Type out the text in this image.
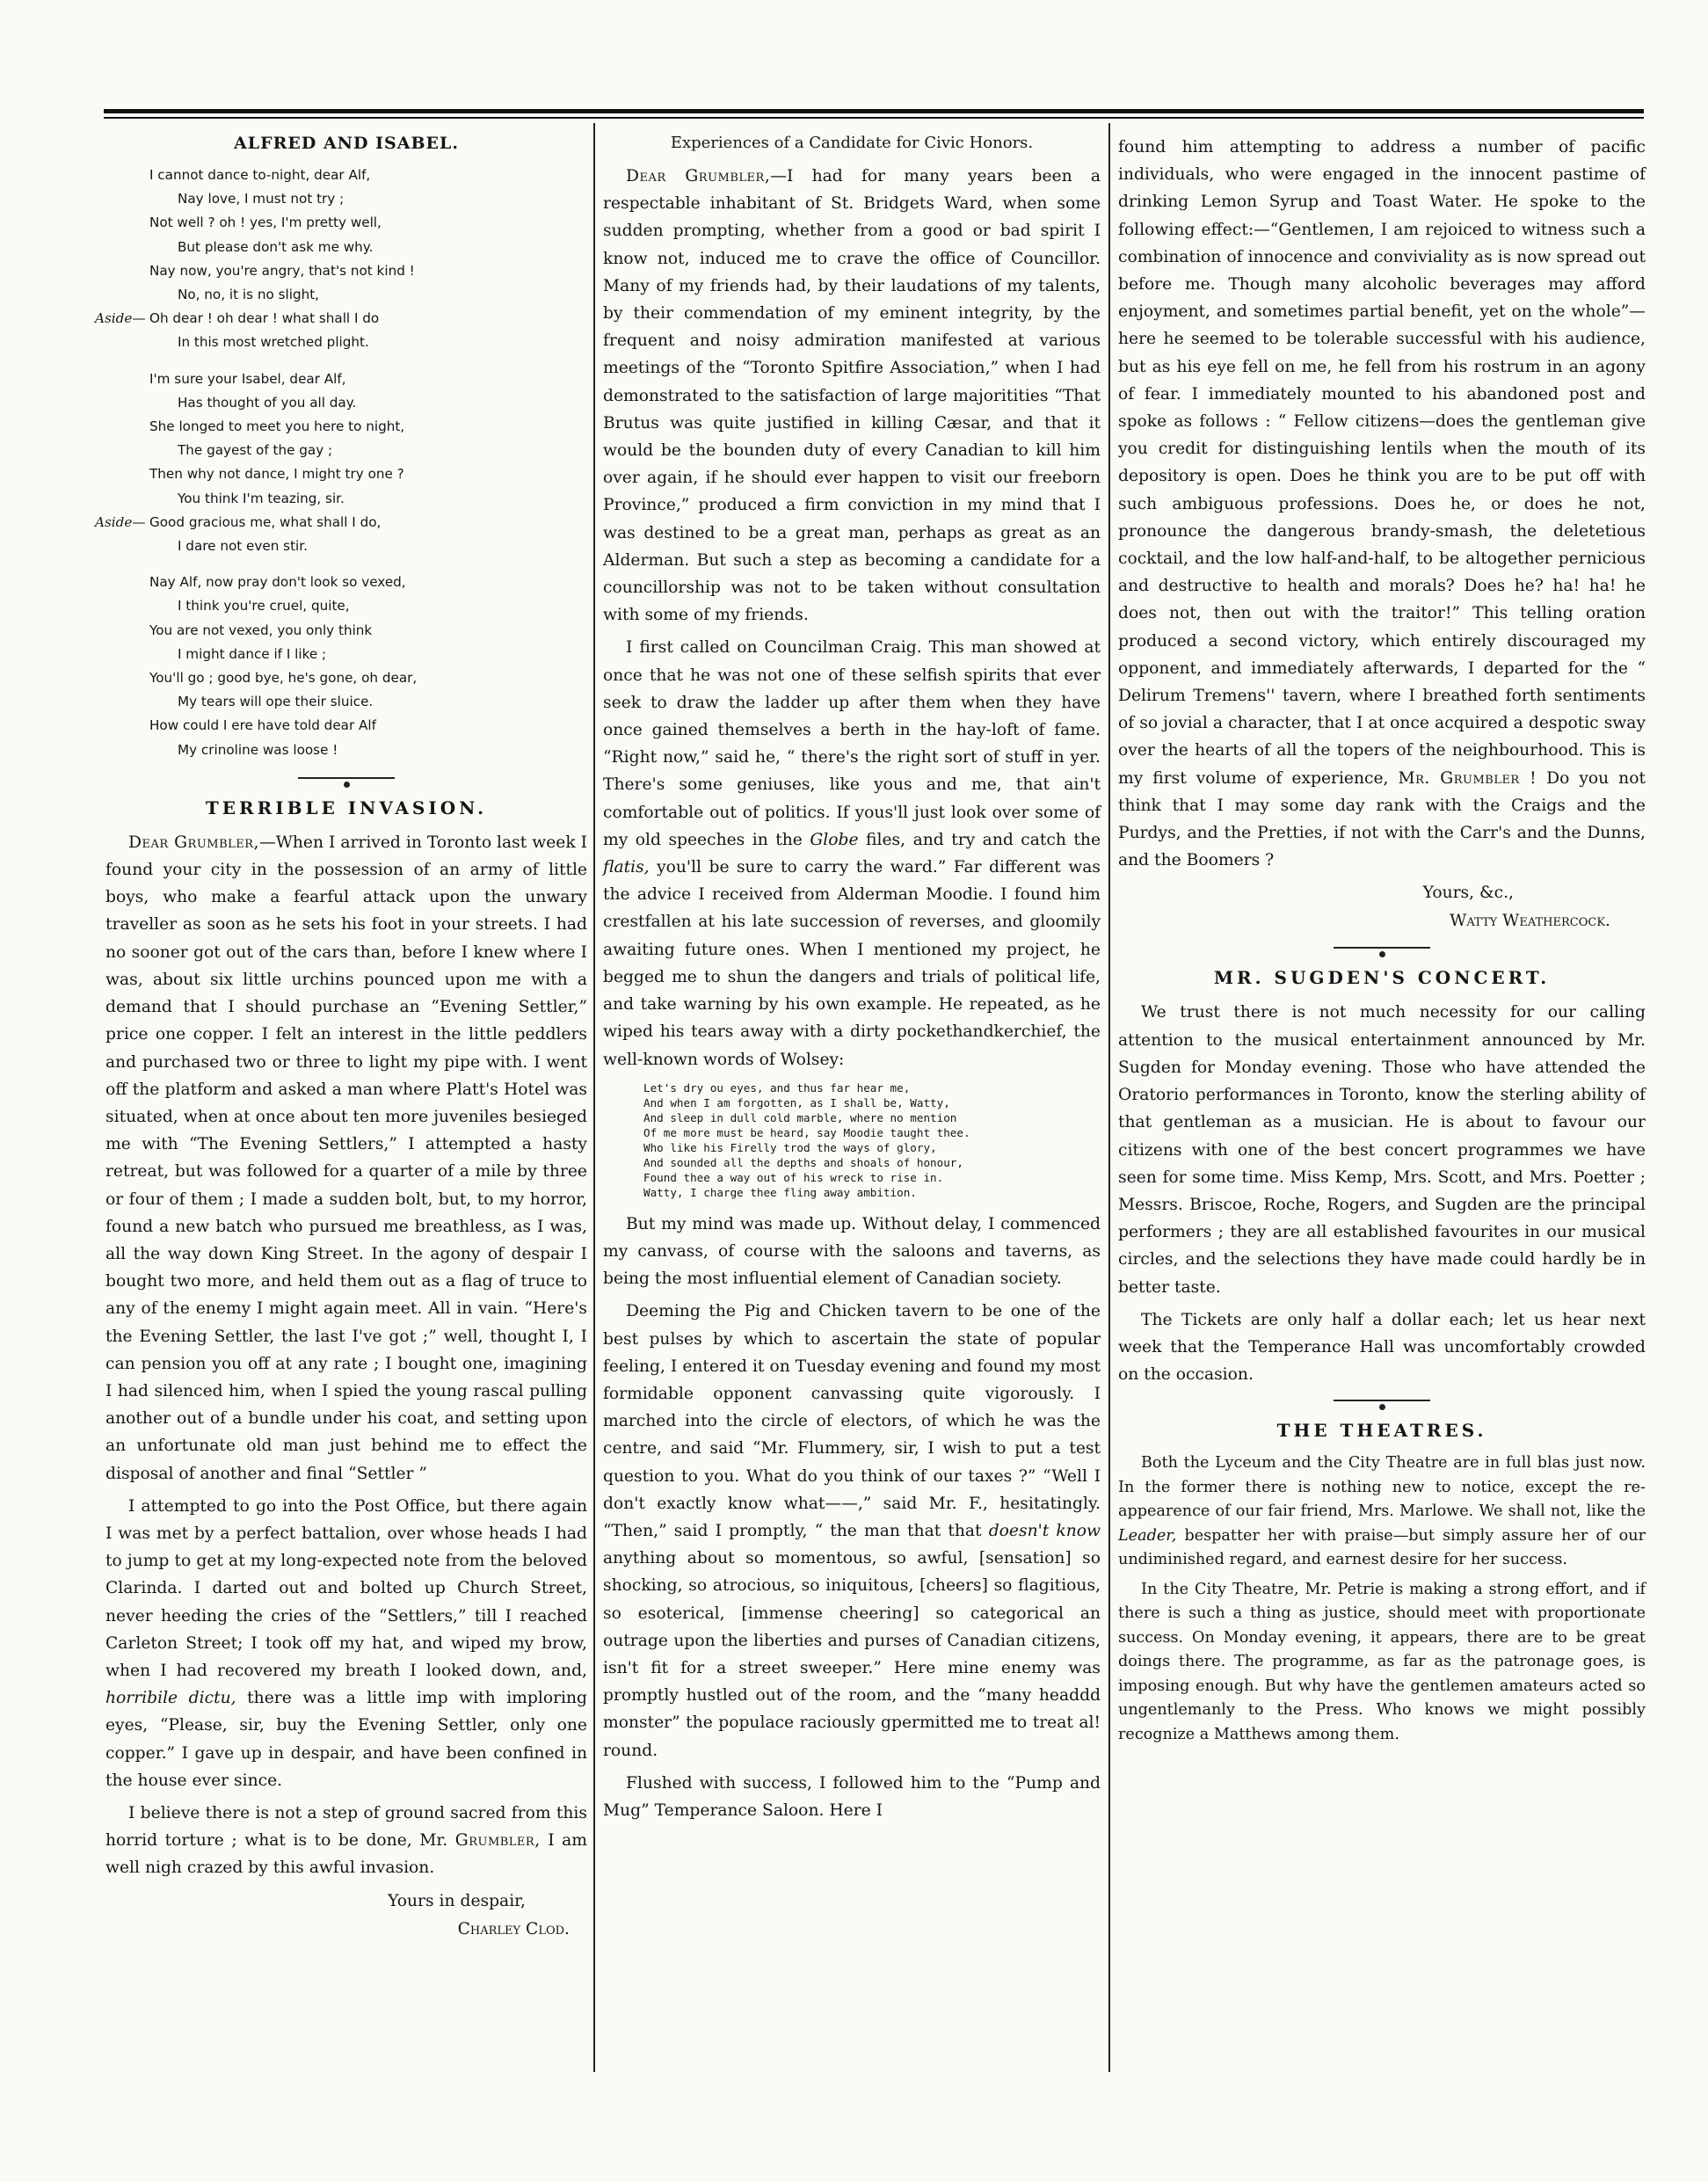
ALFRED AND ISABEL.
I cannot dance to-night, dear Alf,
Nay love, I must not try ;
Not well ? oh ! yes, I'm pretty well,
But please don't ask me why.
Nay now, you're angry, that's not kind !
No, no, it is no slight,
Aside— Oh dear ! oh dear ! what shall I do
In this most wretched plight.
I'm sure your Isabel, dear Alf,
Has thought of you all day.
She longed to meet you here to night,
The gayest of the gay ;
Then why not dance, I might try one ?
You think I'm teazing, sir.
Aside— Good gracious me, what shall I do,
I dare not even stir.
Nay Alf, now pray don't look so vexed,
I think you're cruel, quite,
You are not vexed, you only think
I might dance if I like ;
You'll go ; good bye, he's gone, oh dear,
My tears will ope their sluice.
How could I ere have told dear Alf
My crinoline was loose !
TERRIBLE INVASION.

Dear Grumbler,—When I arrived in Toronto last week I found your city in the possession of an army of little boys, who make a fearful attack upon the unwary traveller as soon as he sets his foot in your streets. I had no sooner got out of the cars than, before I knew where I was, about six little urchins pounced upon me with a demand that I should purchase an “Evening Settler,” price one copper. I felt an interest in the little peddlers and purchased two or three to light my pipe with. I went off the platform and asked a man where Platt's Hotel was situated, when at once about ten more juveniles besieged me with “The Evening Settlers,” I attempted a hasty retreat, but was followed for a quarter of a mile by three or four of them ; I made a sudden bolt, but, to my horror, found a new batch who pursued me breathless, as I was, all the way down King Street. In the agony of despair I bought two more, and held them out as a flag of truce to any of the enemy I might again meet. All in vain. “Here's the Evening Settler, the last I've got ;” well, thought I, I can pension you off at any rate ; I bought one, imagining I had silenced him, when I spied the young rascal pulling another out of a bundle under his coat, and setting upon an unfortunate old man just behind me to effect the disposal of another and final “Settler ”

I attempted to go into the Post Office, but there again I was met by a perfect battalion, over whose heads I had to jump to get at my long-expected note from the beloved Clarinda. I darted out and bolted up Church Street, never heeding the cries of the “Settlers,” till I reached Carleton Street; I took off my hat, and wiped my brow, when I had recovered my breath I looked down, and, horribile dictu, there was a little imp with imploring eyes, “Please, sir, buy the Evening Settler, only one copper.” I gave up in despair, and have been confined in the house ever since.

I believe there is not a step of ground sacred from this horrid torture ; what is to be done, Mr. Grumbler, I am well nigh crazed by this awful invasion.

Yours in despair,
Charley Clod.
Experiences of a Candidate for Civic Honors.

Dear Grumbler,—I had for many years been a respectable inhabitant of St. Bridgets Ward, when some sudden prompting, whether from a good or bad spirit I know not, induced me to crave the office of Councillor. Many of my friends had, by their laudations of my talents, by their commendation of my eminent integrity, by the frequent and noisy admiration manifested at various meetings of the “Toronto Spitfire Association,” when I had demonstrated to the satisfaction of large majoritities “That Brutus was quite justified in killing Cæsar, and that it would be the bounden duty of every Canadian to kill him over again, if he should ever happen to visit our freeborn Province,” produced a firm conviction in my mind that I was destined to be a great man, perhaps as great as an Alderman. But such a step as becoming a candidate for a councillorship was not to be taken without consultation with some of my friends.

I first called on Councilman Craig. This man showed at once that he was not one of these selfish spirits that ever seek to draw the ladder up after them when they have once gained themselves a berth in the hay-loft of fame. “Right now,” said he, “ there's the right sort of stuff in yer. There's some geniuses, like yous and me, that ain't comfortable out of politics. If yous'll just look over some of my old speeches in the Globe files, and try and catch the flatis, you'll be sure to carry the ward.” Far different was the advice I received from Alderman Moodie. I found him crestfallen at his late succession of reverses, and gloomily awaiting future ones. When I mentioned my project, he begged me to shun the dangers and trials of political life, and take warning by his own example. He repeated, as he wiped his tears away with a dirty pockethandkerchief, the well-known words of Wolsey:

Let's dry ou eyes, and thus far hear me,
And when I am forgotten, as I shall be, Watty,
And sleep in dull cold marble, where no mention
Of me more must be heard, say Moodie taught thee.
Who like his Firelly trod the ways of glory,
And sounded all the depths and shoals of honour,
Found thee a way out of his wreck to rise in.
Watty, I charge thee fling away ambition.

But my mind was made up. Without delay, I commenced my canvass, of course with the saloons and taverns, as being the most influential element of Canadian society.

Deeming the Pig and Chicken tavern to be one of the best pulses by which to ascertain the state of popular feeling, I entered it on Tuesday evening and found my most formidable opponent canvassing quite vigorously. I marched into the circle of electors, of which he was the centre, and said “Mr. Flummery, sir, I wish to put a test question to you. What do you think of our taxes ?” “Well I don't exactly know what——,” said Mr. F., hesitatingly. “Then,” said I promptly, “ the man that that doesn't know anything about so momentous, so awful, [sensation] so shocking, so atrocious, so iniquitous, [cheers] so flagitious, so esoterical, [immense cheering] so categorical an outrage upon the liberties and purses of Canadian citizens, isn't fit for a street sweeper.” Here mine enemy was promptly hustled out of the room, and the “many headdd monster” the populace raciously gpermitted me to treat al! round.

Flushed with success, I followed him to the “Pump and Mug” Temperance Saloon. Here I

found him attempting to address a number of pacific individuals, who were engaged in the innocent pastime of drinking Lemon Syrup and Toast Water. He spoke to the following effect:—“Gentlemen, I am rejoiced to witness such a combination of innocence and conviviality as is now spread out before me. Though many alcoholic beverages may afford enjoyment, and sometimes partial benefit, yet on the whole”—here he seemed to be tolerable successful with his audience, but as his eye fell on me, he fell from his rostrum in an agony of fear. I immediately mounted to his abandoned post and spoke as follows : “ Fellow citizens—does the gentleman give you credit for distinguishing lentils when the mouth of its depository is open. Does he think you are to be put off with such ambiguous professions. Does he, or does he not, pronounce the dangerous brandy-smash, the deletetious cocktail, and the low half-and-half, to be altogether pernicious and destructive to health and morals? Does he? ha! ha! he does not, then out with the traitor!” This telling oration produced a second victory, which entirely discouraged my opponent, and immediately afterwards, I departed for the “ Delirum Tremens'' tavern, where I breathed forth sentiments of so jovial a character, that I at once acquired a despotic sway over the hearts of all the topers of the neighbourhood. This is my first volume of experience, Mr. Grumbler ! Do you not think that I may some day rank with the Craigs and the Purdys, and the Pretties, if not with the Carr's and the Dunns, and the Boomers ?

Yours, &c.,
Watty Weathercock.
MR. SUGDEN'S CONCERT.

We trust there is not much necessity for our calling attention to the musical entertainment announced by Mr. Sugden for Monday evening. Those who have attended the Oratorio performances in Toronto, know the sterling ability of that gentleman as a musician. He is about to favour our citizens with one of the best concert programmes we have seen for some time. Miss Kemp, Mrs. Scott, and Mrs. Poetter ; Messrs. Briscoe, Roche, Rogers, and Sugden are the principal performers ; they are all established favourites in our musical circles, and the selections they have made could hardly be in better taste.

The Tickets are only half a dollar each; let us hear next week that the Temperance Hall was uncomfortably crowded on the occasion.

THE THEATRES.

Both the Lyceum and the City Theatre are in full blas just now. In the former there is nothing new to notice, except the re-appearence of our fair friend, Mrs. Marlowe. We shall not, like the Leader, bespatter her with praise—but simply assure her of our undiminished regard, and earnest desire for her success.

In the City Theatre, Mr. Petrie is making a strong effort, and if there is such a thing as justice, should meet with proportionate success. On Monday evening, it appears, there are to be great doings there. The programme, as far as the patronage goes, is imposing enough. But why have the gentlemen amateurs acted so ungentlemanly to the Press. Who knows we might possibly recognize a Matthews among them.
